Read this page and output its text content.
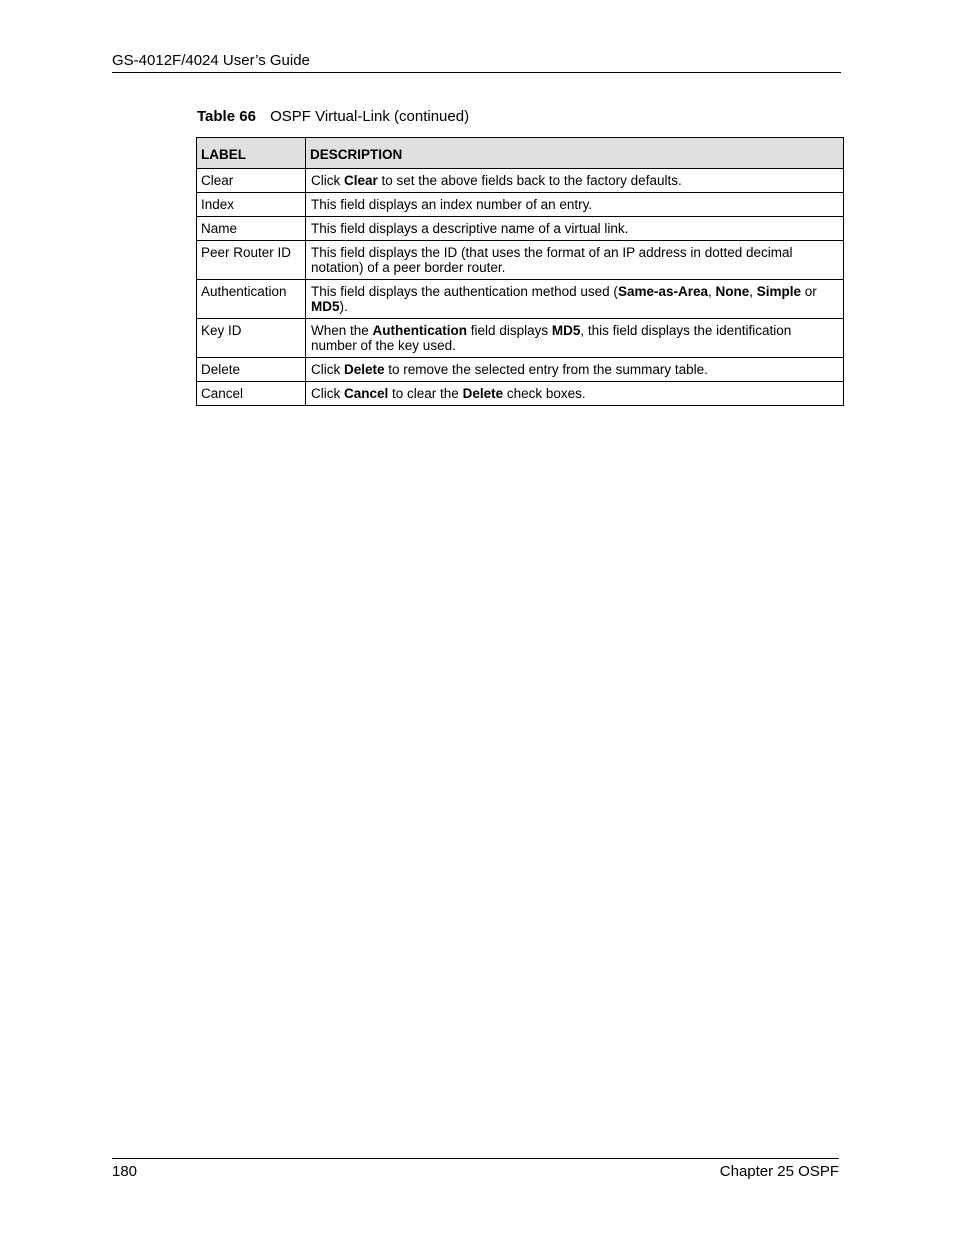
GS-4012F/4024 User’s Guide
Table 66 OSPF Virtual-Link (continued)
LABEL	DESCRIPTION
Clear	Click Clear to set the above fields back to the factory defaults.
Index	This field displays an index number of an entry.
Name	This field displays a descriptive name of a virtual link.
Peer Router ID	This field displays the ID (that uses the format of an IP address in dotted decimal notation) of a peer border router.
Authentication	This field displays the authentication method used (Same-as-Area, None, Simple or MD5).
Key ID	When the Authentication field displays MD5, this field displays the identification number of the key used.
Delete	Click Delete to remove the selected entry from the summary table.
Cancel	Click Cancel to clear the Delete check boxes.
180	Chapter 25 OSPF
